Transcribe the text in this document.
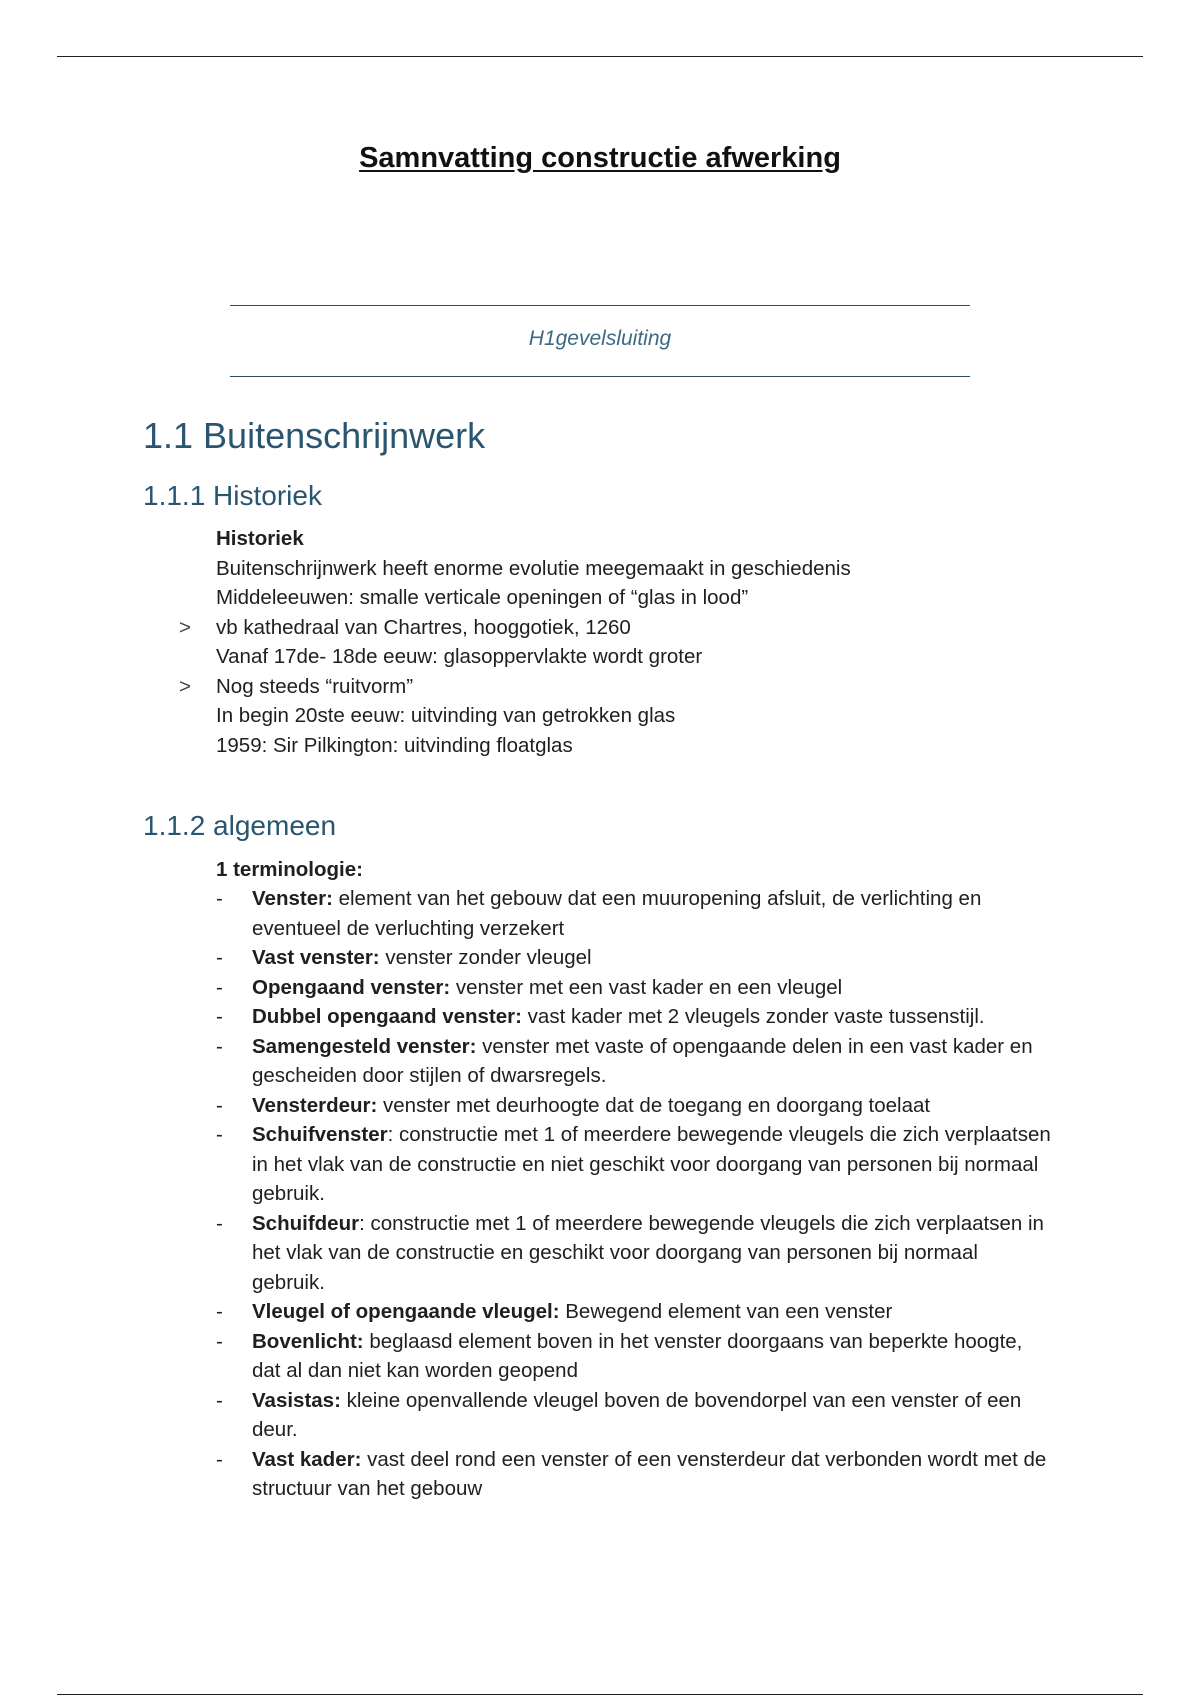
Samnvatting constructie afwerking
H1gevelsluiting
1.1 Buitenschrijnwerk
1.1.1 Historiek
Historiek
Buitenschrijnwerk heeft enorme evolutie meegemaakt in geschiedenis
Middeleeuwen: smalle verticale openingen of “glas in lood”
> vb kathedraal van Chartres, hooggotiek, 1260
Vanaf 17de- 18de eeuw: glasoppervlakte wordt groter
> Nog steeds “ruitvorm”
In begin 20ste eeuw: uitvinding van getrokken glas
1959: Sir Pilkington: uitvinding floatglas
1.1.2 algemeen
1 terminologie:
- Venster: element van het gebouw dat een muuropening afsluit, de verlichting en eventueel de verluchting verzekert
- Vast venster: venster zonder vleugel
- Opengaand venster: venster met een vast kader en een vleugel
- Dubbel opengaand venster: vast kader met 2 vleugels zonder vaste tussenstijl.
- Samengesteld venster: venster met vaste of opengaande delen in een vast kader en gescheiden door stijlen of dwarsregels.
- Vensterdeur: venster met deurhoogte dat de toegang en doorgang toelaat
- Schuifvenster: constructie met 1 of meerdere bewegende vleugels die zich verplaatsen in het vlak van de constructie en niet geschikt voor doorgang van personen bij normaal gebruik.
- Schuifdeur: constructie met 1 of meerdere bewegende vleugels die zich verplaatsen in het vlak van de constructie en geschikt voor doorgang van personen bij normaal gebruik.
- Vleugel of opengaande vleugel: Bewegend element van een venster
- Bovenlicht: beglaasd element boven in het venster doorgaans van beperkte hoogte, dat al dan niet kan worden geopend
- Vasistas: kleine openvallende vleugel boven de bovendorpel van een venster of een deur.
- Vast kader: vast deel rond een venster of een vensterdeur dat verbonden wordt met de structuur van het gebouw
